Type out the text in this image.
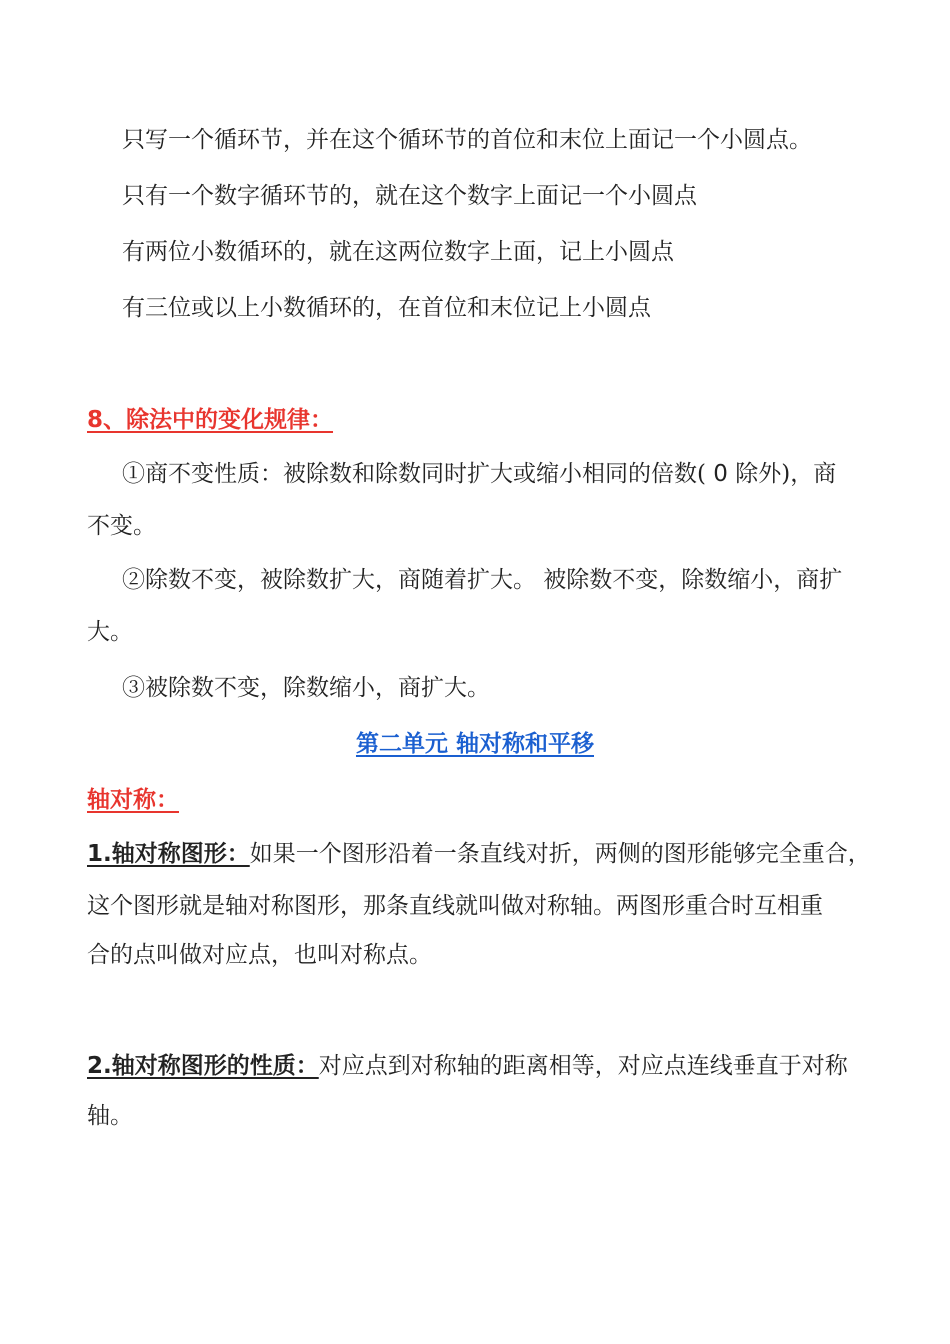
只写一个循环节，并在这个循环节的首位和末位上面记一个小圆点。
只有一个数字循环节的，就在这个数字上面记一个小圆点
有两位小数循环的，就在这两位数字上面，记上小圆点
有三位或以上小数循环的，在首位和末位记上小圆点
8、除法中的变化规律：
①商不变性质：被除数和除数同时扩大或缩小相同的倍数( 0 除外)，商
不变。
②除数不变，被除数扩大，商随着扩大。 被除数不变，除数缩小，商扩
大。
③被除数不变，除数缩小，商扩大。
第二单元 轴对称和平移
轴对称：
1.轴对称图形：如果一个图形沿着一条直线对折，两侧的图形能够完全重合，
这个图形就是轴对称图形，那条直线就叫做对称轴。两图形重合时互相重
合的点叫做对应点，也叫对称点。
2.轴对称图形的性质：对应点到对称轴的距离相等，对应点连线垂直于对称
轴。
